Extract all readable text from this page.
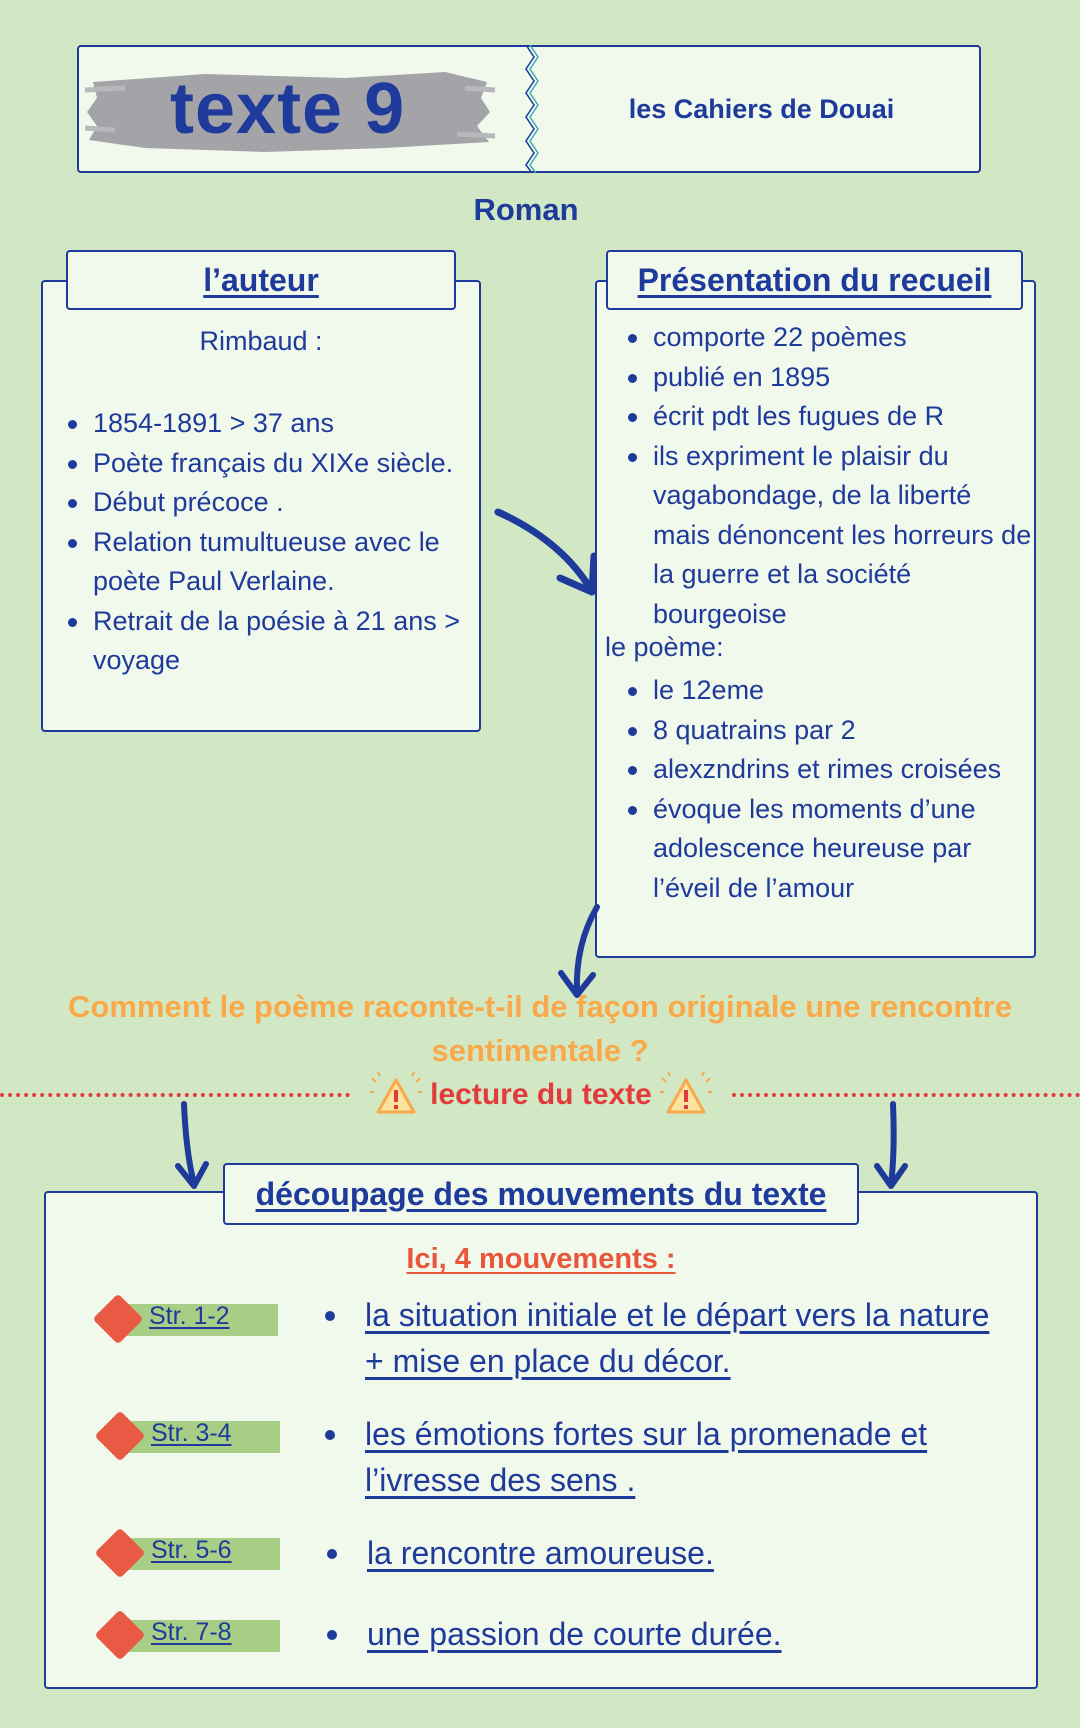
texte 9	les Cahiers de Douai
Roman
l’auteur
Rimbaud :
1854-1891 > 37 ans
Poète français du XIXe siècle.
Début précoce .
Relation tumultueuse avec le poète Paul Verlaine.
Retrait de la poésie à 21 ans > voyage
Présentation du recueil
comporte 22 poèmes
publié en 1895
écrit pdt les fugues de R
ils expriment le plaisir du vagabondage, de la liberté mais dénoncent les horreurs de la guerre et la société bourgeoise
le poème:
le 12eme
8 quatrains par 2
alexzndrins et rimes croisées
évoque les moments d’une adolescence heureuse par l’éveil de l’amour
Comment le poème raconte-t-il de façon originale une rencontre sentimentale ?
lecture du texte
découpage des mouvements du texte
Ici, 4 mouvements :
Str. 1-2	la situation initiale et le départ vers la nature + mise en place du décor.
Str. 3-4	les émotions fortes sur la promenade et l’ivresse des sens .
Str. 5-6	la rencontre amoureuse.
Str. 7-8	une passion de courte durée.
